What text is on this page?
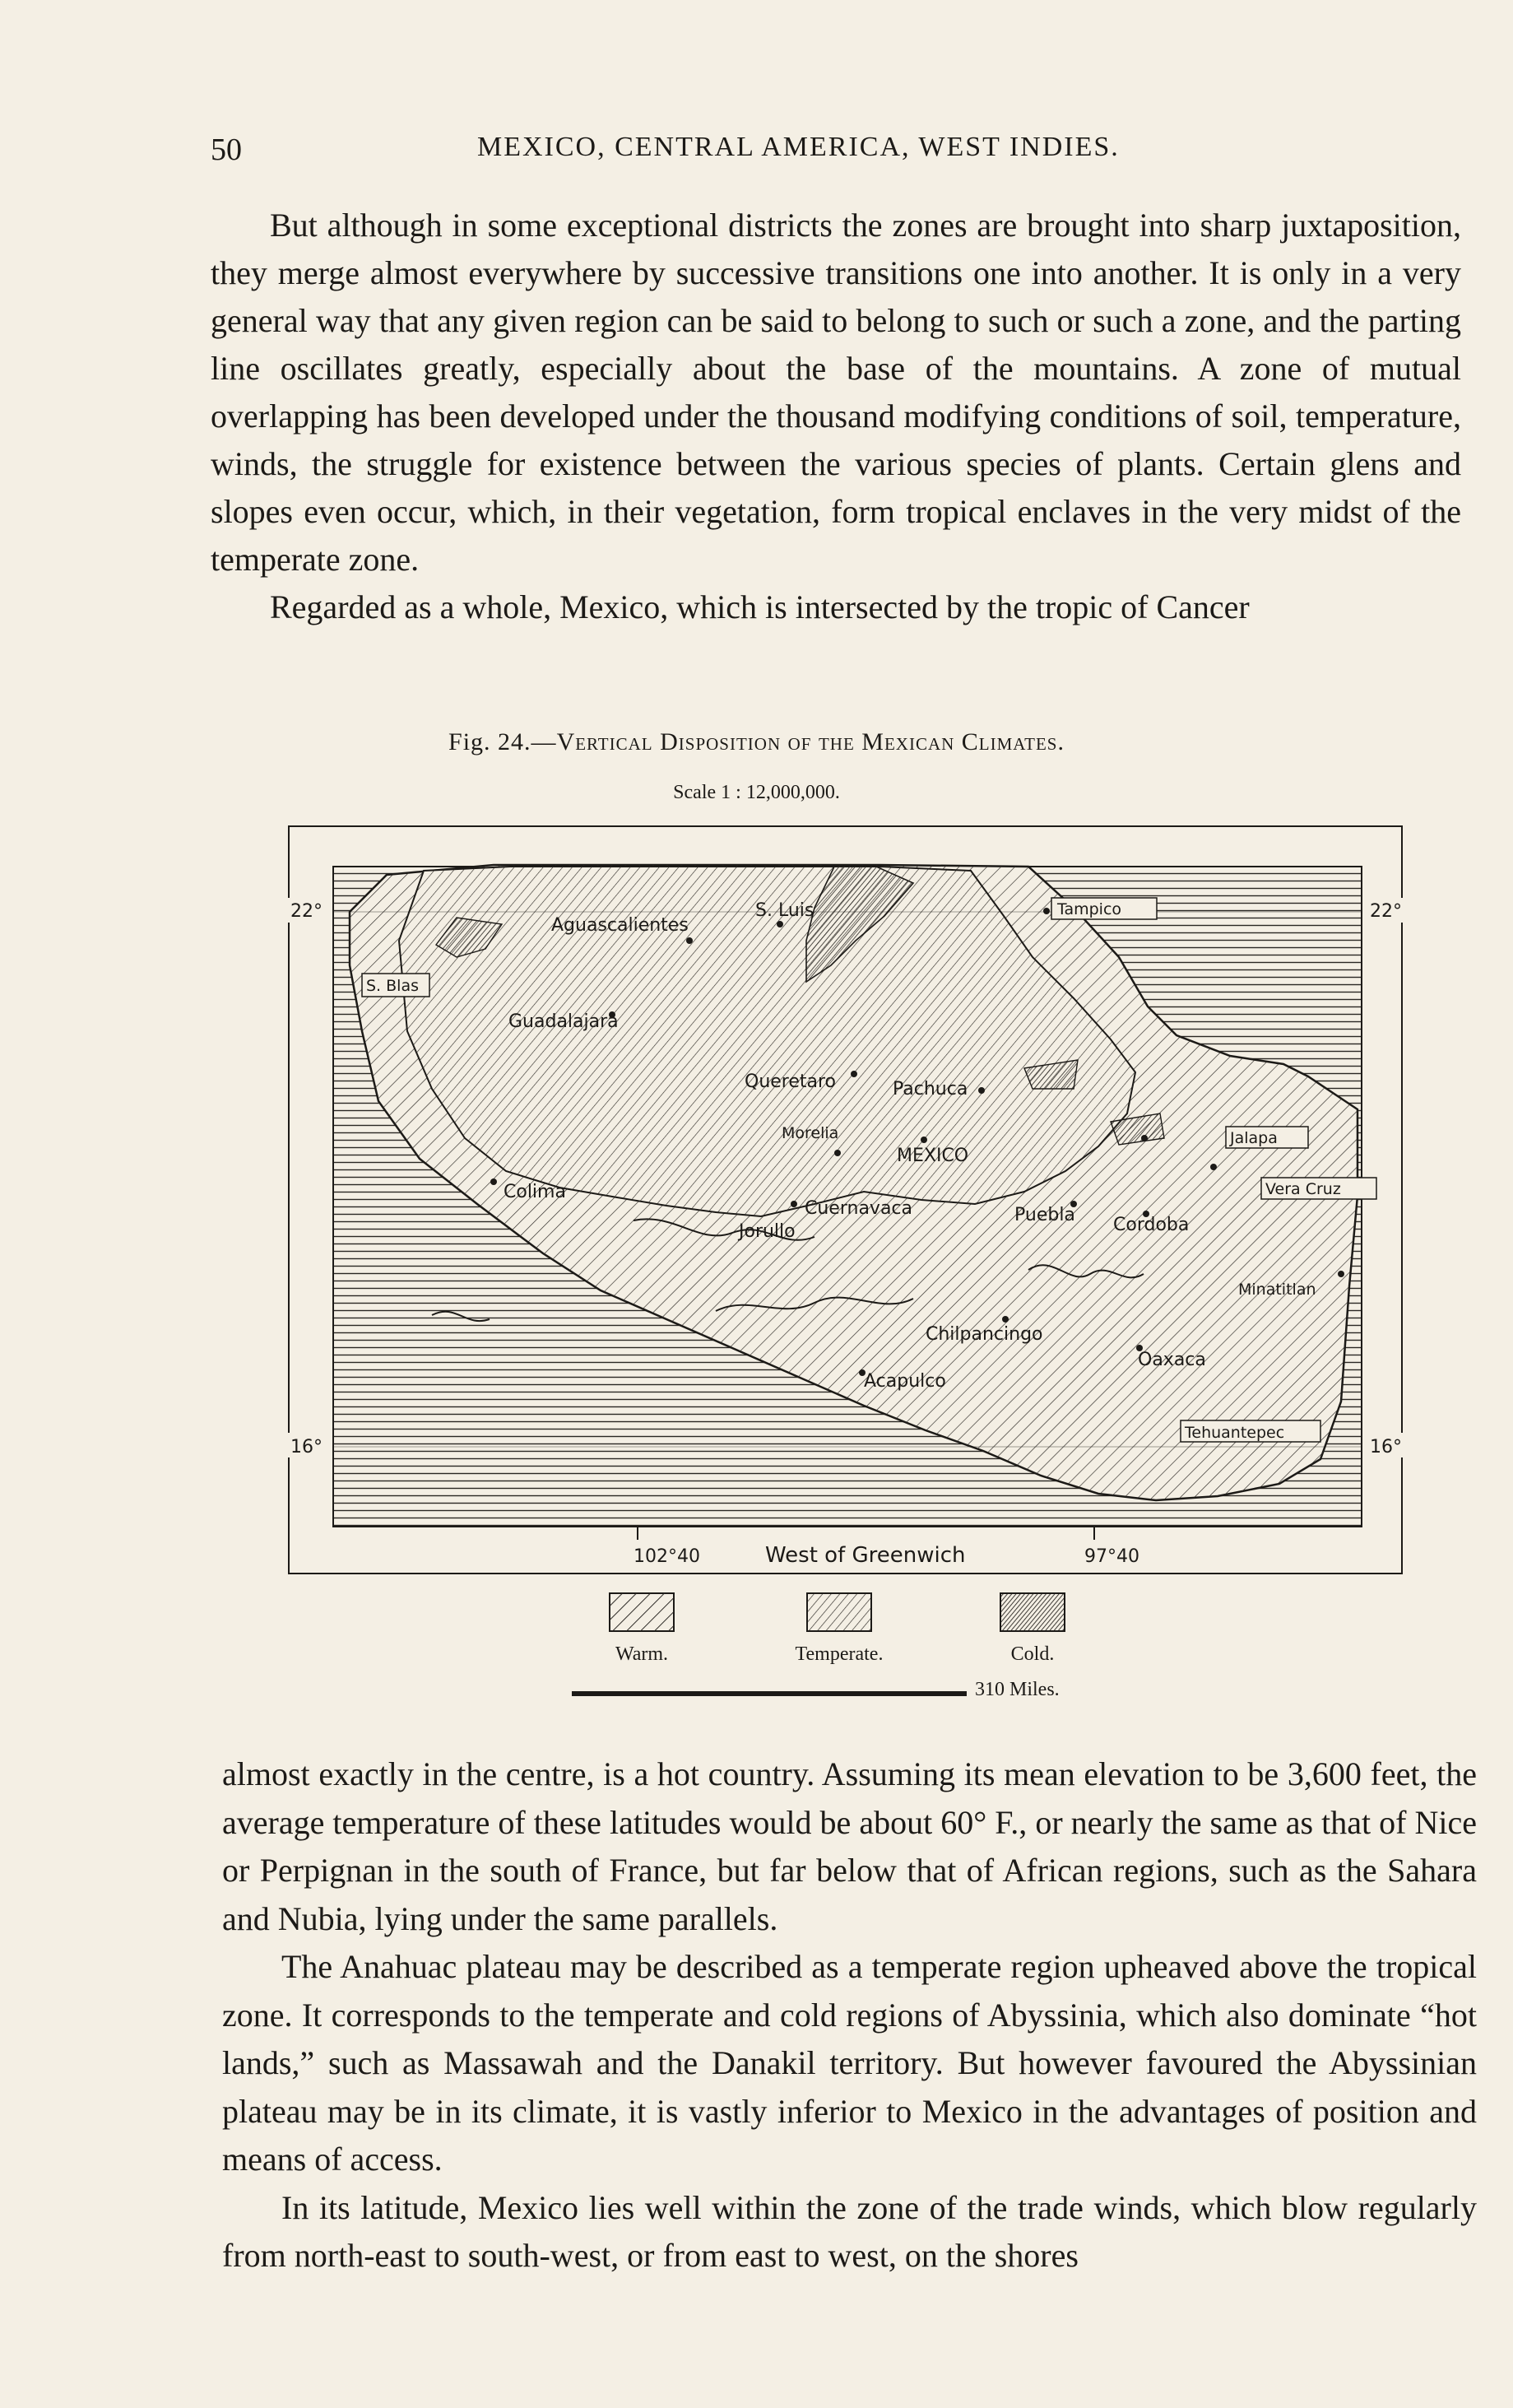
50	MEXICO, CENTRAL AMERICA, WEST INDIES.

But although in some exceptional districts the zones are brought into sharp juxtaposition, they merge almost everywhere by successive transitions one into another. It is only in a very general way that any given region can be said to belong to such or such a zone, and the parting line oscillates greatly, especially about the base of the mountains. A zone of mutual overlapping has been developed under the thousand modifying conditions of soil, temperature, winds, the struggle for existence between the various species of plants. Certain glens and slopes even occur, which, in their vegetation, form tropical enclaves in the very midst of the temperate zone.

Regarded as a whole, Mexico, which is intersected by the tropic of Cancer

Fig. 24.—Vertical Disposition of the Mexican Climates.
Scale 1 : 12,000,000.
22°	22°
16°	16°
102°40	West of Greenwich	97°40
Aguascalientes
S. Luis	Tampico
S. Blas
Guadalajara
Queretaro	Pachuca
Morelia
MEXICO
Jalapa
Vera Cruz
Colima
Cuernavaca	Puebla Cordoba
Jorullo
Minatitlan
Chilpancingo
Oaxaca
Acapulco
Tehuantepec
Warm.	Temperate.	Cold.
310 Miles.

almost exactly in the centre, is a hot country. Assuming its mean elevation to be 3,600 feet, the average temperature of these latitudes would be about 60° F., or nearly the same as that of Nice or Perpignan in the south of France, but far below that of African regions, such as the Sahara and Nubia, lying under the same parallels.

The Anahuac plateau may be described as a temperate region upheaved above the tropical zone. It corresponds to the temperate and cold regions of Abyssinia, which also dominate “hot lands,” such as Massawah and the Danakil territory. But however favoured the Abyssinian plateau may be in its climate, it is vastly inferior to Mexico in the advantages of position and means of access.

In its latitude, Mexico lies well within the zone of the trade winds, which blow regularly from north-east to south-west, or from east to west, on the shores
